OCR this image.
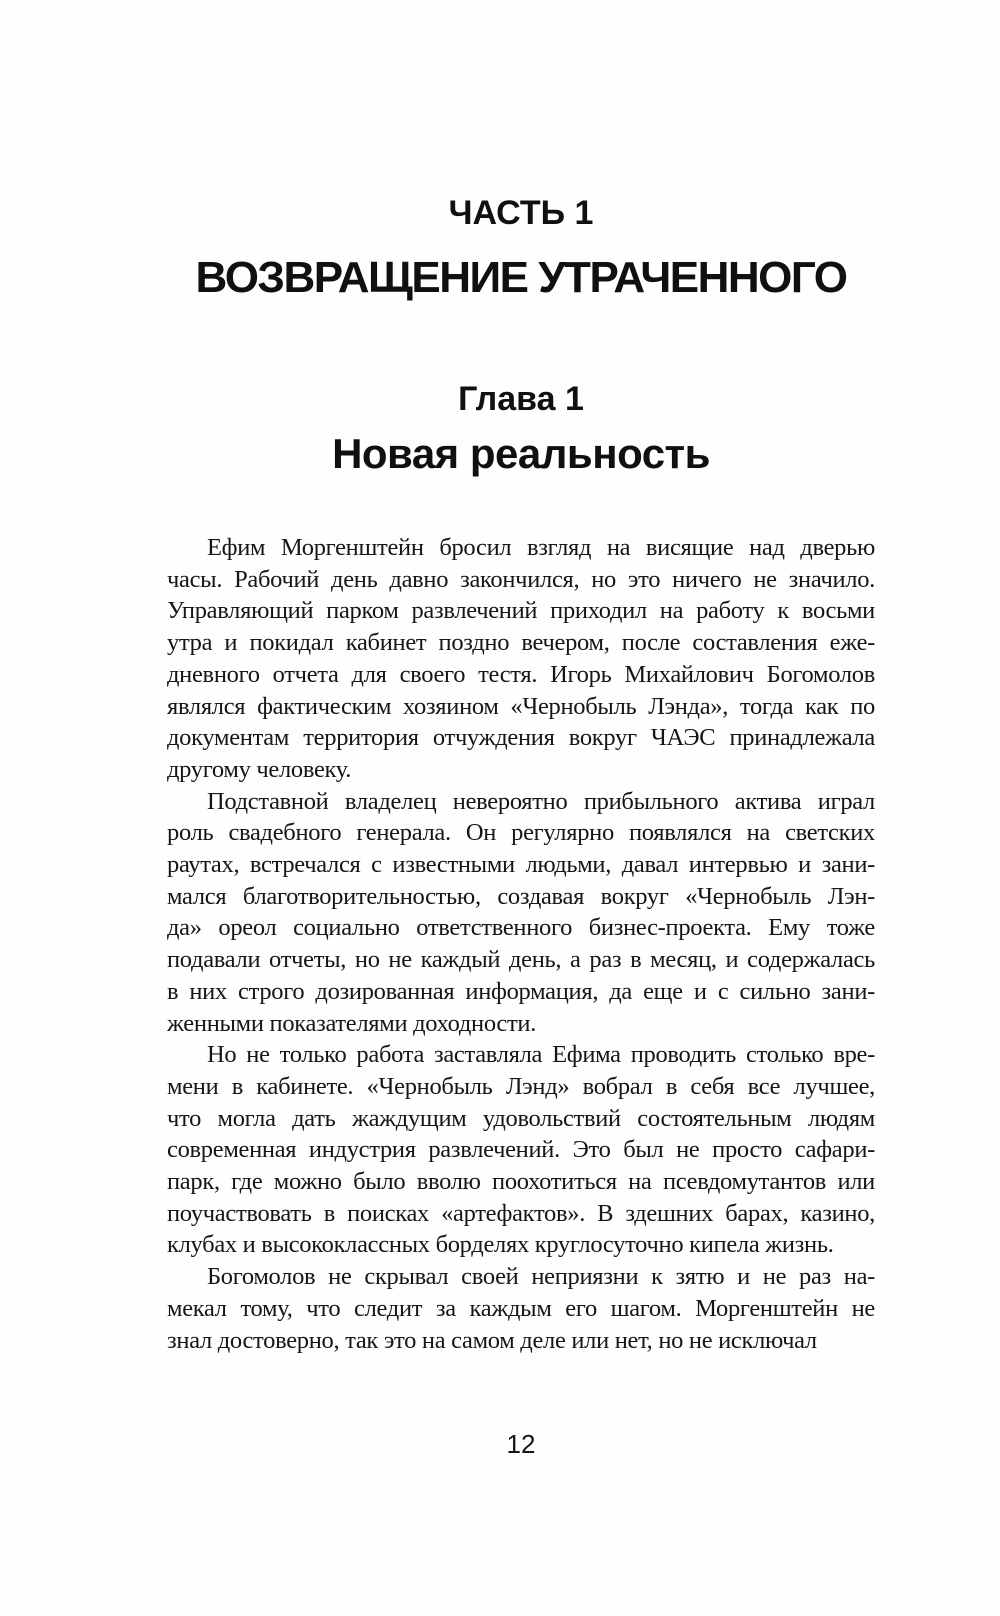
ЧАСТЬ 1
ВОЗВРАЩЕНИЕ УТРАЧЕННОГО
Глава 1
Новая реальность

Ефим Моргенштейн бросил взгляд на висящие над дверью
часы. Рабочий день давно закончился, но это ничего не значило.
Управляющий парком развлечений приходил на работу к восьми
утра и покидал кабинет поздно вечером, после составления еже-
дневного отчета для своего тестя. Игорь Михайлович Богомолов
являлся фактическим хозяином «Чернобыль Лэнда», тогда как по
документам территория отчуждения вокруг ЧАЭС принадлежала
другому человеку.

Подставной владелец невероятно прибыльного актива играл
роль свадебного генерала. Он регулярно появлялся на светских
раутах, встречался с известными людьми, давал интервью и зани-
мался благотворительностью, создавая вокруг «Чернобыль Лэн-
да» ореол социально ответственного бизнес-проекта. Ему тоже
подавали отчеты, но не каждый день, а раз в месяц, и содержалась
в них строго дозированная информация, да еще и с сильно зани-
женными показателями доходности.

Но не только работа заставляла Ефима проводить столько вре-
мени в кабинете. «Чернобыль Лэнд» вобрал в себя все лучшее,
что могла дать жаждущим удовольствий состоятельным людям
современная индустрия развлечений. Это был не просто сафари-
парк, где можно было вволю поохотиться на псевдомутантов или
поучаствовать в поисках «артефактов». В здешних барах, казино,
клубах и высококлассных борделях круглосуточно кипела жизнь.

Богомолов не скрывал своей неприязни к зятю и не раз на-
мекал тому, что следит за каждым его шагом. Моргенштейн не
знал достоверно, так это на самом деле или нет, но не исключал

12
